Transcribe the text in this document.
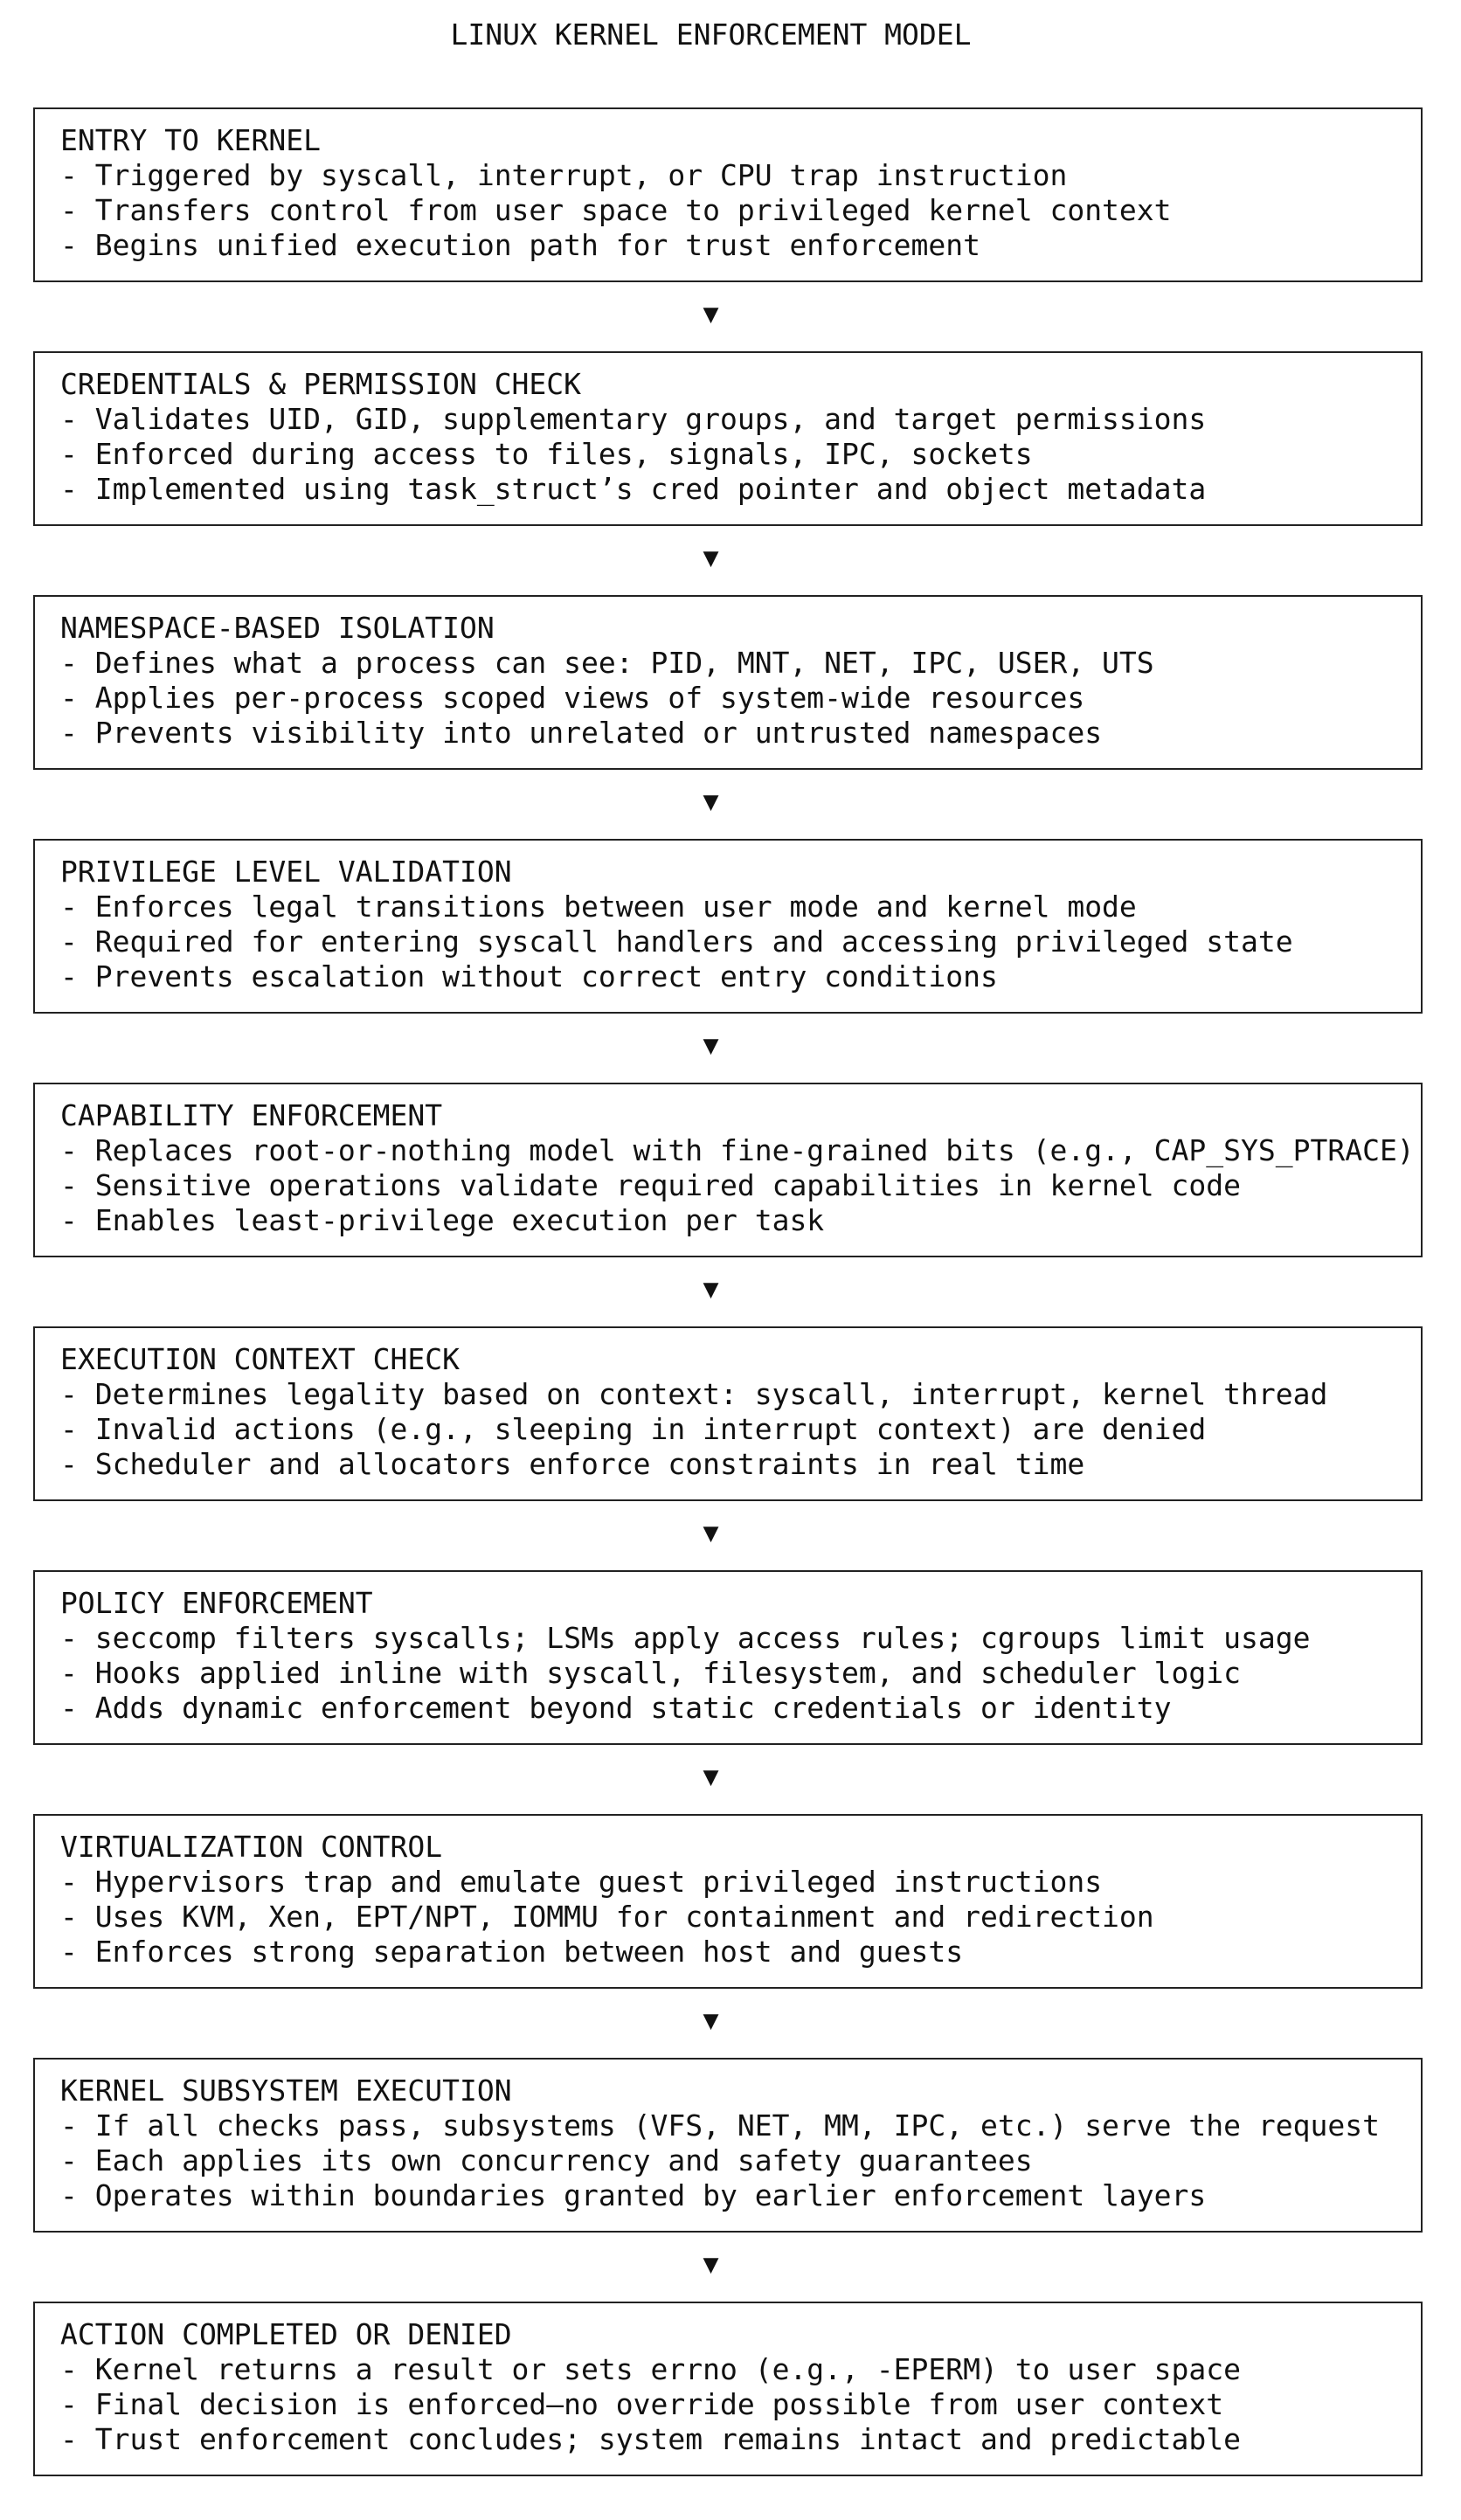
LINUX KERNEL ENFORCEMENT MODEL
ENTRY TO KERNEL
- Triggered by syscall, interrupt, or CPU trap instruction
- Transfers control from user space to privileged kernel context
- Begins unified execution path for trust enforcement
▼
CREDENTIALS & PERMISSION CHECK
- Validates UID, GID, supplementary groups, and target permissions
- Enforced during access to files, signals, IPC, sockets
- Implemented using task_struct’s cred pointer and object metadata
▼
NAMESPACE-BASED ISOLATION
- Defines what a process can see: PID, MNT, NET, IPC, USER, UTS
- Applies per-process scoped views of system-wide resources
- Prevents visibility into unrelated or untrusted namespaces
▼
PRIVILEGE LEVEL VALIDATION
- Enforces legal transitions between user mode and kernel mode
- Required for entering syscall handlers and accessing privileged state
- Prevents escalation without correct entry conditions
▼
CAPABILITY ENFORCEMENT
- Replaces root-or-nothing model with fine-grained bits (e.g., CAP_SYS_PTRACE)
- Sensitive operations validate required capabilities in kernel code
- Enables least-privilege execution per task
▼
EXECUTION CONTEXT CHECK
- Determines legality based on context: syscall, interrupt, kernel thread
- Invalid actions (e.g., sleeping in interrupt context) are denied
- Scheduler and allocators enforce constraints in real time
▼
POLICY ENFORCEMENT
- seccomp filters syscalls; LSMs apply access rules; cgroups limit usage
- Hooks applied inline with syscall, filesystem, and scheduler logic
- Adds dynamic enforcement beyond static credentials or identity
▼
VIRTUALIZATION CONTROL
- Hypervisors trap and emulate guest privileged instructions
- Uses KVM, Xen, EPT/NPT, IOMMU for containment and redirection
- Enforces strong separation between host and guests
▼
KERNEL SUBSYSTEM EXECUTION
- If all checks pass, subsystems (VFS, NET, MM, IPC, etc.) serve the request
- Each applies its own concurrency and safety guarantees
- Operates within boundaries granted by earlier enforcement layers
▼
ACTION COMPLETED OR DENIED
- Kernel returns a result or sets errno (e.g., -EPERM) to user space
- Final decision is enforced—no override possible from user context
- Trust enforcement concludes; system remains intact and predictable
